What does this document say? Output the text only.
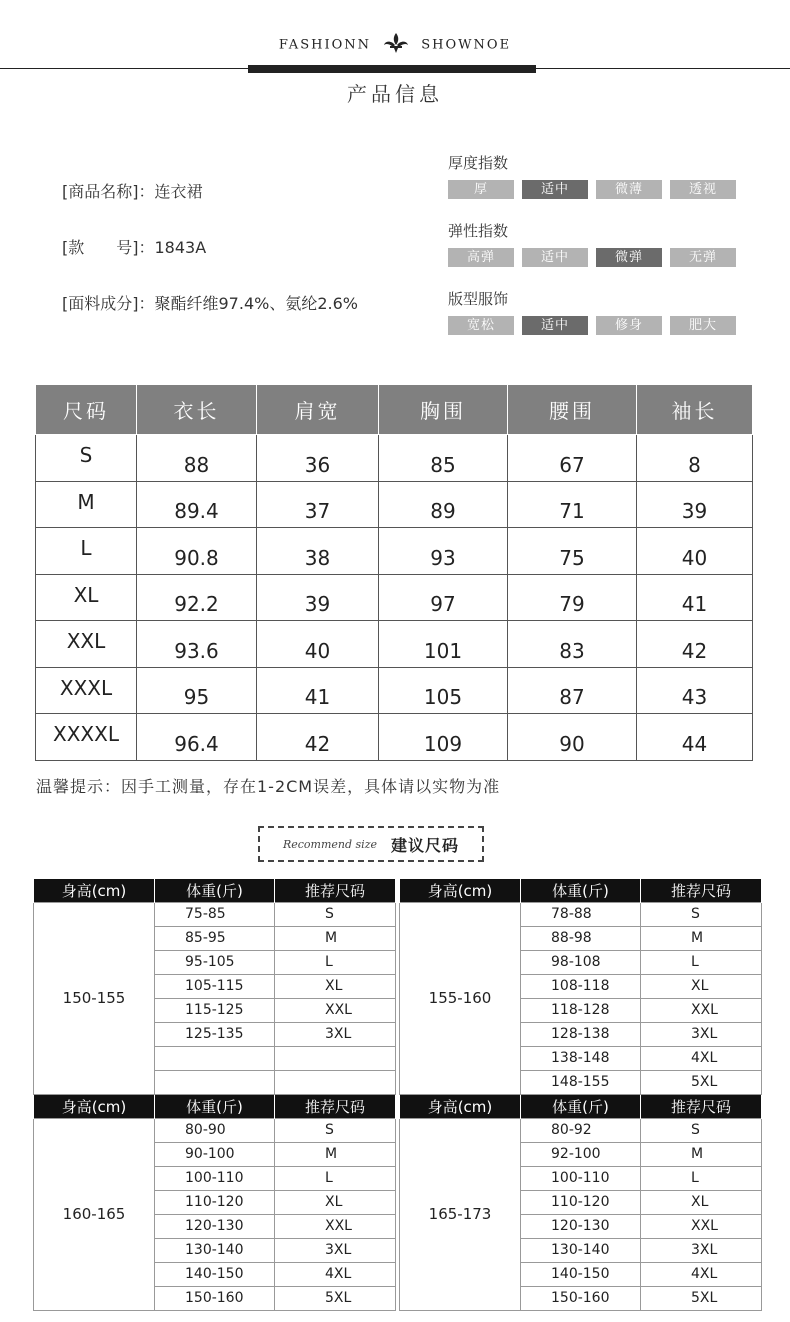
FASHIONN	SHOWNOE
产品信息
[商品名称]：连衣裙
[款　　号]：1843A
[面料成分]：聚酯纤维97.4%、氨纶2.6%
厚度指数
厚	适中	微薄	透视
弹性指数
高弹	适中	微弹	无弹
版型服饰
宽松	适中	修身	肥大
尺码	衣长	肩宽	胸围	腰围	袖长
S	88	36	85	67	8
M	89.4	37	89	71	39
L	90.8	38	93	75	40
XL	92.2	39	97	79	41
XXL	93.6	40	101	83	42
XXXL	95	41	105	87	43
XXXXL	96.4	42	109	90	44
温馨提示：因手工测量，存在1-2CM误差，具体请以实物为准
Recommend size 建议尺码
身高(cm)	体重(斤)	推荐尺码
150-155	75-85	S
	85-95	M
	95-105	L
	105-115	XL
	115-125	XXL
	125-135	3XL

身高(cm)	体重(斤)	推荐尺码
155-160	78-88	S
	88-98	M
	98-108	L
	108-118	XL
	118-128	XXL
	128-138	3XL
	138-148	4XL
	148-155	5XL
身高(cm)	体重(斤)	推荐尺码
160-165	80-90	S
	90-100	M
	100-110	L
	110-120	XL
	120-130	XXL
	130-140	3XL
	140-150	4XL
	150-160	5XL
身高(cm)	体重(斤)	推荐尺码
165-173	80-92	S
	92-100	M
	100-110	L
	110-120	XL
	120-130	XXL
	130-140	3XL
	140-150	4XL
	150-160	5XL
